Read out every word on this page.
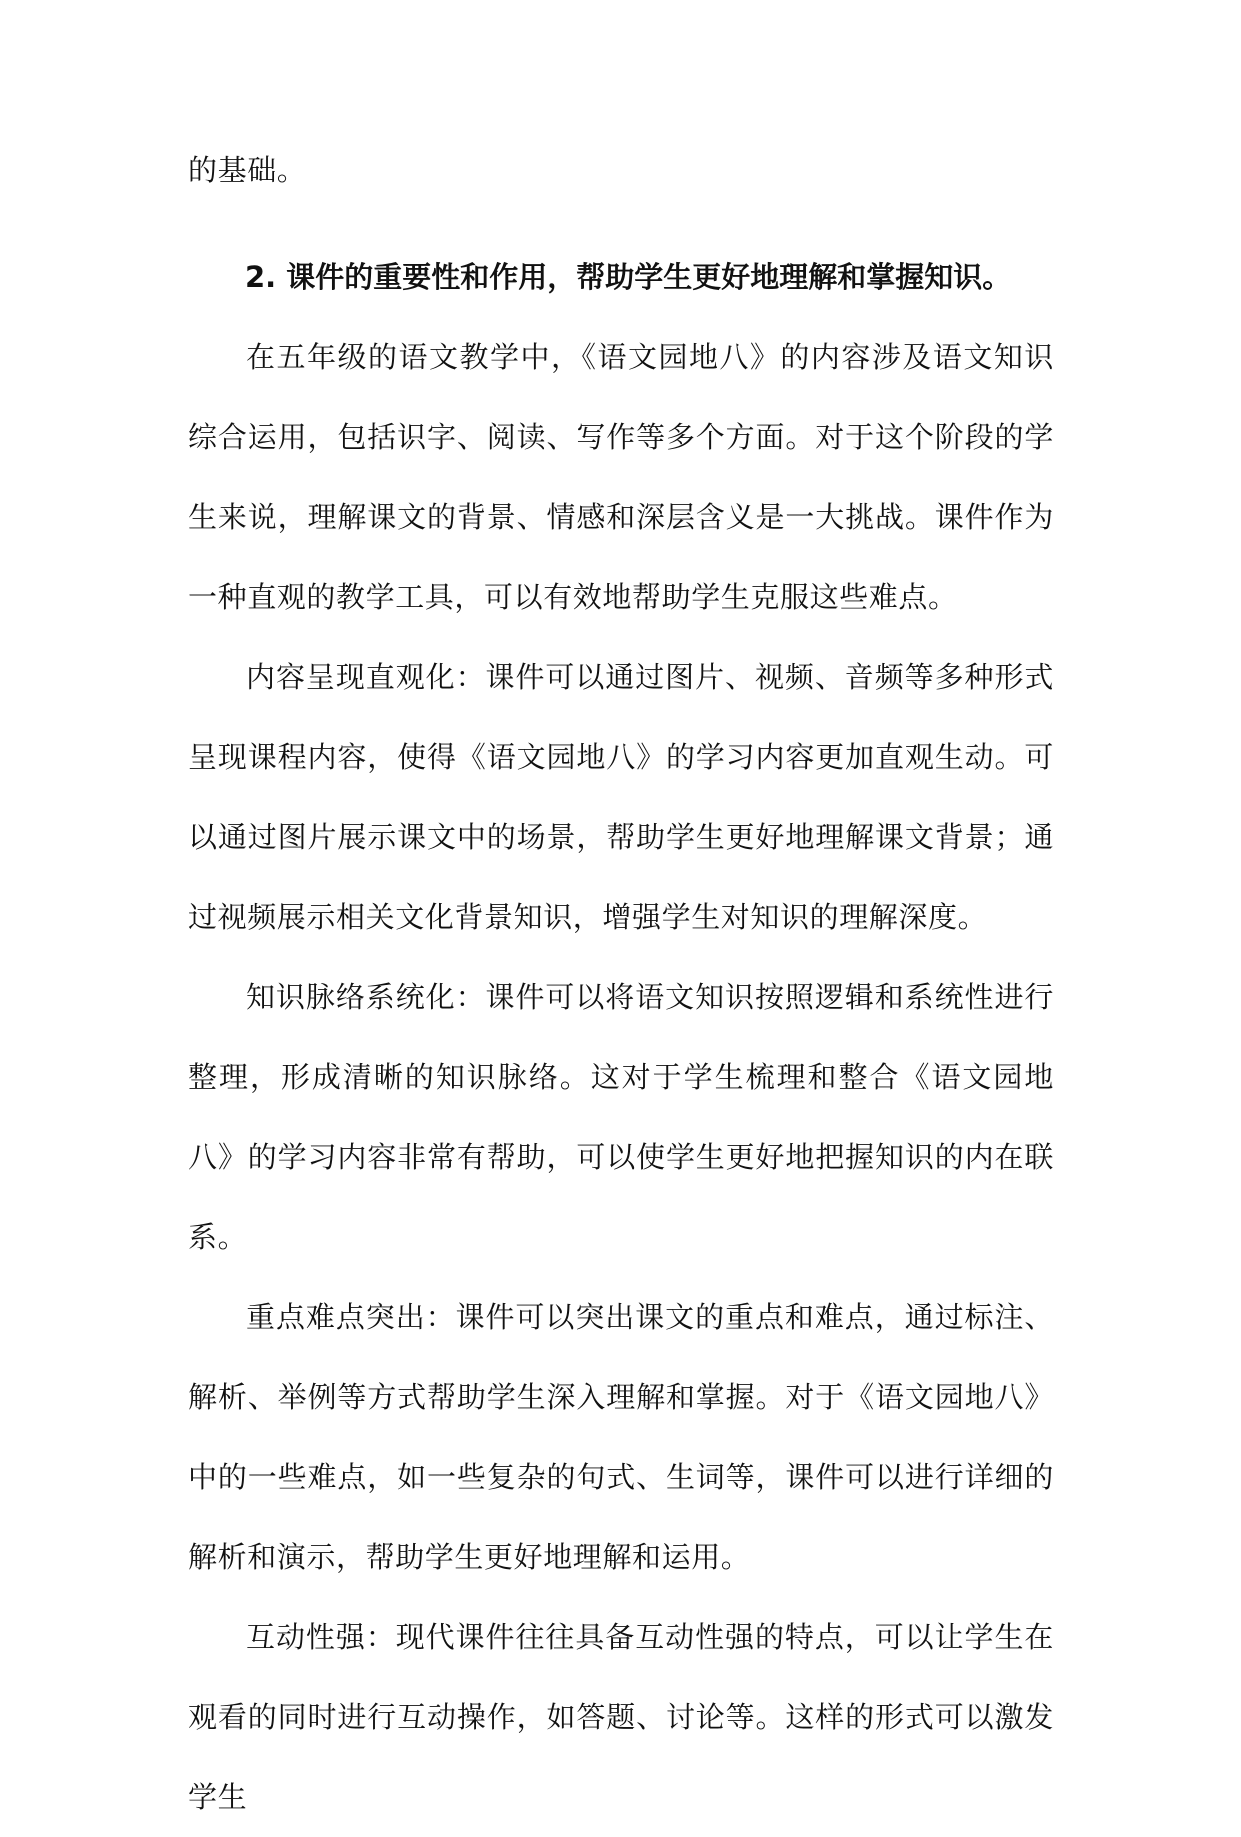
的基础。

2. 课件的重要性和作用，帮助学生更好地理解和掌握知识。

在五年级的语文教学中，《语文园地八》的内容涉及语文知识综合运用，包括识字、阅读、写作等多个方面。对于这个阶段的学生来说，理解课文的背景、情感和深层含义是一大挑战。课件作为一种直观的教学工具，可以有效地帮助学生克服这些难点。

内容呈现直观化：课件可以通过图片、视频、音频等多种形式呈现课程内容，使得《语文园地八》的学习内容更加直观生动。可以通过图片展示课文中的场景，帮助学生更好地理解课文背景；通过视频展示相关文化背景知识，增强学生对知识的理解深度。

知识脉络系统化：课件可以将语文知识按照逻辑和系统性进行整理，形成清晰的知识脉络。这对于学生梳理和整合《语文园地八》的学习内容非常有帮助，可以使学生更好地把握知识的内在联系。

重点难点突出：课件可以突出课文的重点和难点，通过标注、解析、举例等方式帮助学生深入理解和掌握。对于《语文园地八》中的一些难点，如一些复杂的句式、生词等，课件可以进行详细的解析和演示，帮助学生更好地理解和运用。

互动性强：现代课件往往具备互动性强的特点，可以让学生在观看的同时进行互动操作，如答题、讨论等。这样的形式可以激发学生
